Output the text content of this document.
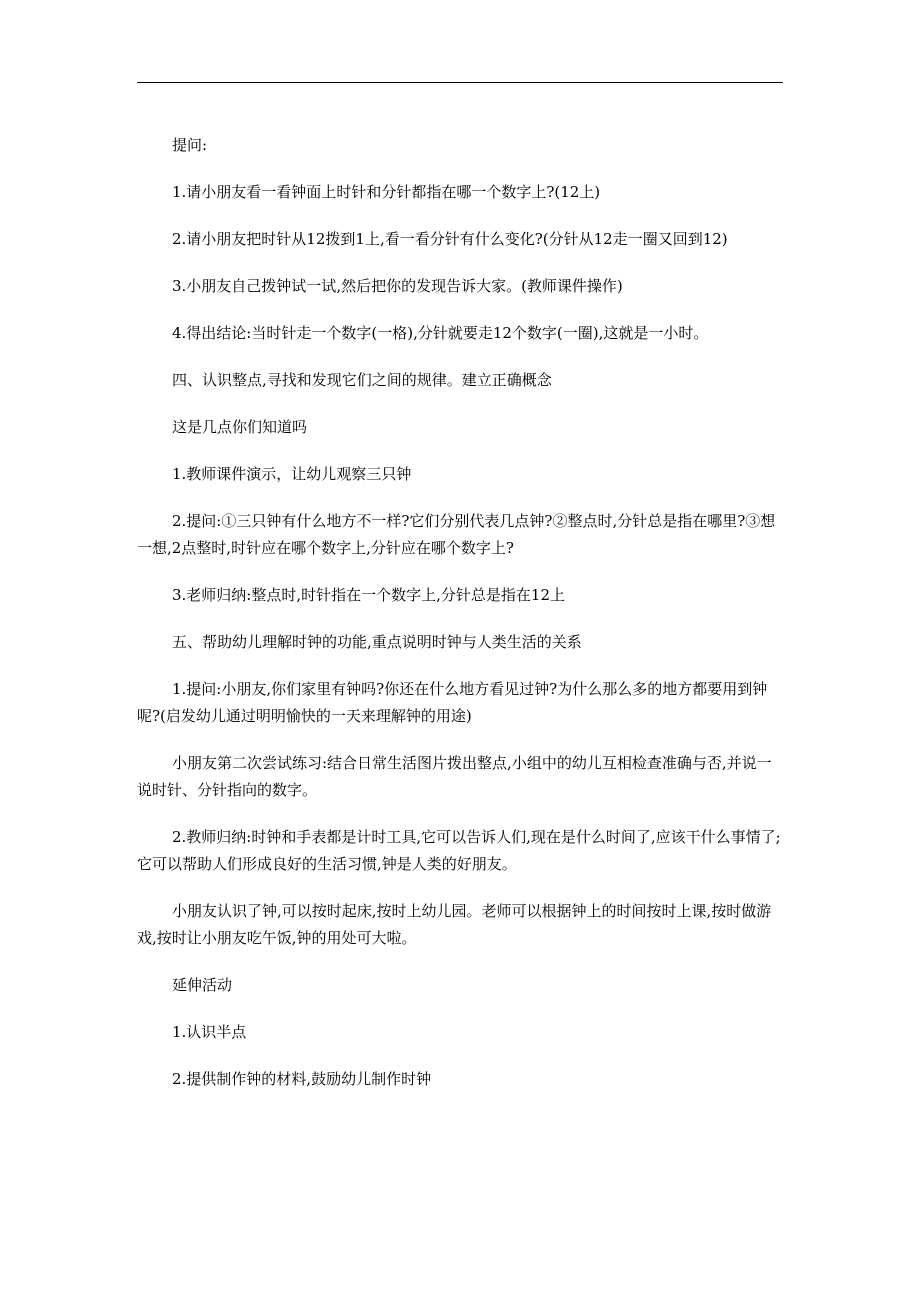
提问:

1.请小朋友看一看钟面上时针和分针都指在哪一个数字上?(12上)

2.请小朋友把时针从12拨到1上,看一看分针有什么变化?(分针从12走一圈又回到12)

3.小朋友自己拨钟试一试,然后把你的发现告诉大家。(教师课件操作)

4.得出结论:当时针走一个数字(一格),分针就要走12个数字(一圈),这就是一小时。

四、认识整点,寻找和发现它们之间的规律。建立正确概念

这是几点你们知道吗

1.教师课件演示，让幼儿观察三只钟

2.提问:①三只钟有什么地方不一样?它们分别代表几点钟?②整点时,分针总是指在哪里?③想一想,2点整时,时针应在哪个数字上,分针应在哪个数字上?

3.老师归纳:整点时,时针指在一个数字上,分针总是指在12上

五、帮助幼儿理解时钟的功能,重点说明时钟与人类生活的关系

1.提问:小朋友,你们家里有钟吗?你还在什么地方看见过钟?为什么那么多的地方都要用到钟呢?(启发幼儿通过明明愉快的一天来理解钟的用途)

小朋友第二次尝试练习:结合日常生活图片拨出整点,小组中的幼儿互相检查准确与否,并说一说时针、分针指向的数字。

2.教师归纳:时钟和手表都是计时工具,它可以告诉人们,现在是什么时间了,应该干什么事情了;它可以帮助人们形成良好的生活习惯,钟是人类的好朋友。

小朋友认识了钟,可以按时起床,按时上幼儿园。老师可以根据钟上的时间按时上课,按时做游戏,按时让小朋友吃午饭,钟的用处可大啦。

延伸活动

1.认识半点

2.提供制作钟的材料,鼓励幼儿制作时钟
